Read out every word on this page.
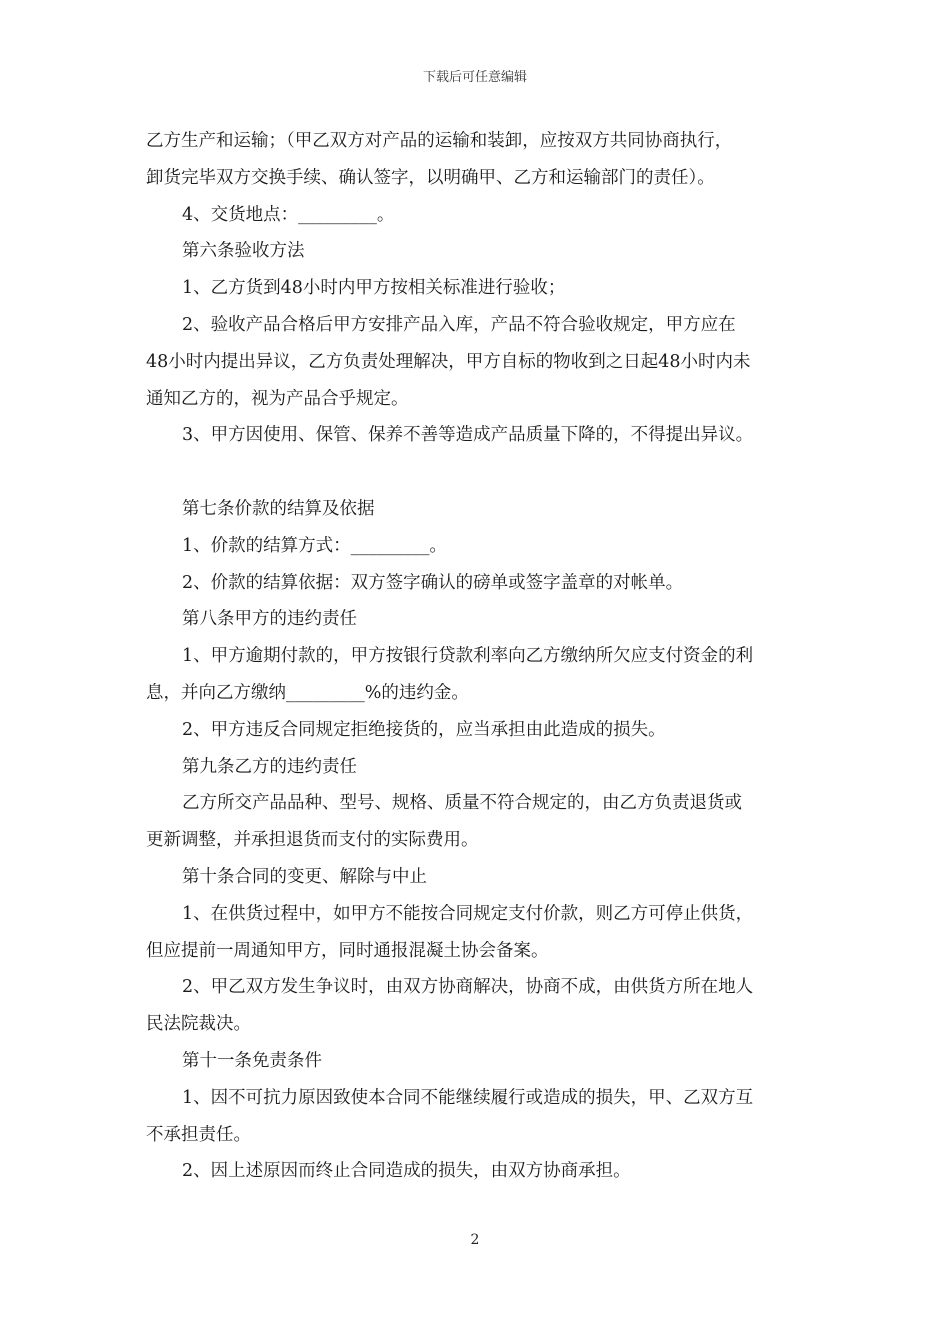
下载后可任意编辑
乙方生产和运输；（甲乙双方对产品的运输和装卸，应按双方共同协商执行，
卸货完毕双方交换手续、确认签字，以明确甲、乙方和运输部门的责任）。
4、交货地点：_________。
第六条验收方法
1、乙方货到48小时内甲方按相关标准进行验收；
2、验收产品合格后甲方安排产品入库，产品不符合验收规定，甲方应在
48小时内提出异议，乙方负责处理解决，甲方自标的物收到之日起48小时内未
通知乙方的，视为产品合乎规定。
3、甲方因使用、保管、保养不善等造成产品质量下降的，不得提出异议。
第七条价款的结算及依据
1、价款的结算方式：_________。
2、价款的结算依据：双方签字确认的磅单或签字盖章的对帐单。
第八条甲方的违约责任
1、甲方逾期付款的，甲方按银行贷款利率向乙方缴纳所欠应支付资金的利
息，并向乙方缴纳_________%的违约金。
2、甲方违反合同规定拒绝接货的，应当承担由此造成的损失。
第九条乙方的违约责任
乙方所交产品品种、型号、规格、质量不符合规定的，由乙方负责退货或
更新调整，并承担退货而支付的实际费用。
第十条合同的变更、解除与中止
1、在供货过程中，如甲方不能按合同规定支付价款，则乙方可停止供货，
但应提前一周通知甲方，同时通报混凝土协会备案。
2、甲乙双方发生争议时，由双方协商解决，协商不成，由供货方所在地人
民法院裁决。
第十一条免责条件
1、因不可抗力原因致使本合同不能继续履行或造成的损失，甲、乙双方互
不承担责任。
2、因上述原因而终止合同造成的损失，由双方协商承担。
2
